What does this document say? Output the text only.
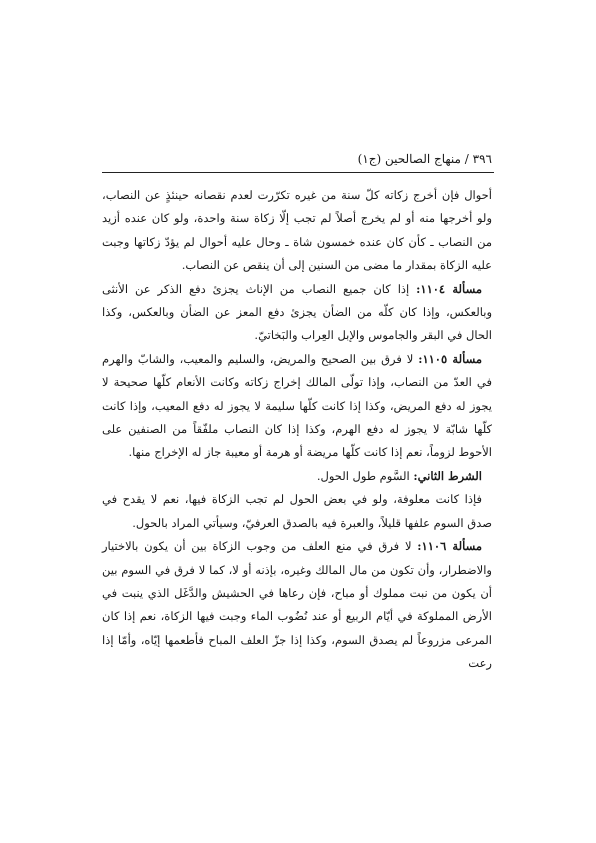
٣٩٦ / منهاج الصالحين (ج١)

أحوال فإن أخرج زكاته كلّ سنة من غيره تكرّرت لعدم نقصانه حينئذٍ عن النصاب، ولو أخرجها منه أو لم يخرج أصلاً لم تجب إلّا زكاة سنة واحدة، ولو كان عنده أزيد من النصاب ـ كأن كان عنده خمسون شاة ـ وحال عليه أحوال لم يؤدّ زكاتها وجبت عليه الزكاة بمقدار ما مضى من السنين إلى أن ينقص عن النصاب.

مسألة ١١٠٤: إذا كان جميع النصاب من الإناث يجزئ دفع الذكر عن الأنثى وبالعكس، وإذا كان كلّه من الضأن يجزئ دفع المعز عن الضأن وبالعكس، وكذا الحال في البقر والجاموس والإبل العِراب والبَخاتيّ.

مسألة ١١٠٥: لا فرق بين الصحيح والمريض، والسليم والمعيب، والشابّ والهرم في العدّ من النصاب، وإذا تولّى المالك إخراج زكاته وكانت الأنعام كلّها صحيحة لا يجوز له دفع المريض، وكذا إذا كانت كلّها سليمة لا يجوز له دفع المعيب، وإذا كانت كلّها شابّة لا يجوز له دفع الهرم، وكذا إذا كان النصاب ملفّقاً من الصنفين على الأحوط لزوماً، نعم إذا كانت كلّها مريضة أو هرمة أو معيبة جاز له الإخراج منها.

الشرط الثاني: السَّوم طول الحول.

فإذا كانت معلوفة، ولو في بعض الحول لم تجب الزكاة فيها، نعم لا يقدح في صدق السوم علفها قليلاً، والعبرة فيه بالصدق العرفيّ، وسيأتي المراد بالحول.

مسألة ١١٠٦: لا فرق في منع العلف من وجوب الزكاة بين أن يكون بالاختيار والاضطرار، وأن تكون من مال المالك وغيره، بإذنه أو لا، كما لا فرق في السوم بين أن يكون من نبت مملوك أو مباح، فإن رعاها في الحشيش والدَّغَل الذي ينبت في الأرض المملوكة في أيّام الربيع أو عند نُضُوب الماء وجبت فيها الزكاة، نعم إذا كان المرعى مزروعاً لم يصدق السوم، وكذا إذا جزّ العلف المباح فأطعمها إيّاه، وأمّا إذا رعت
